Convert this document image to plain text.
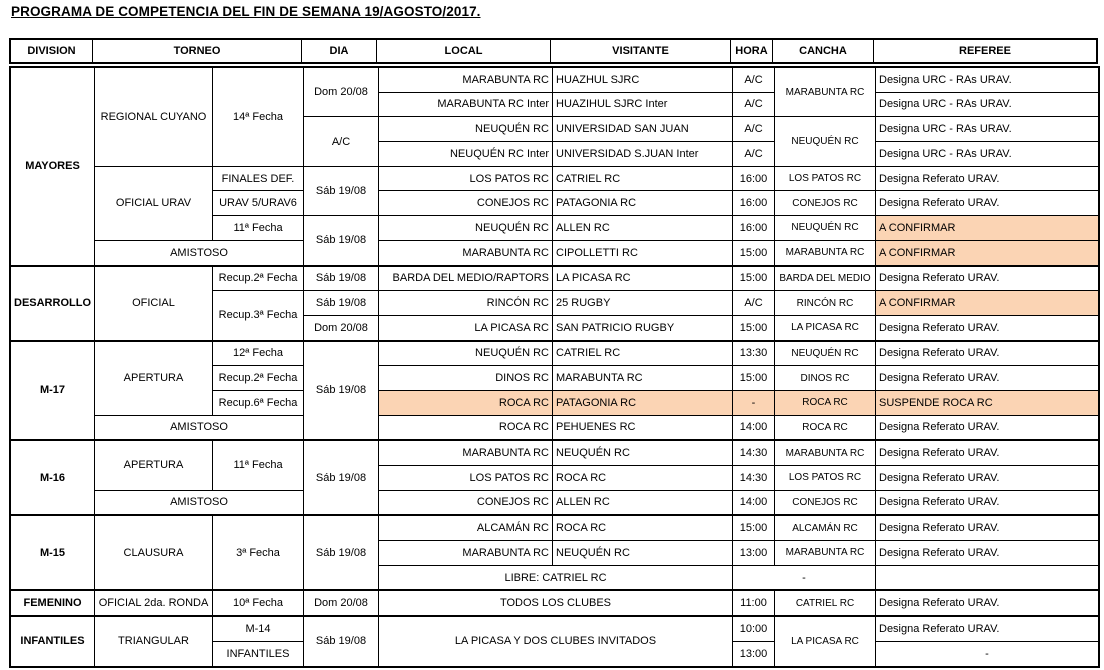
PROGRAMA DE COMPETENCIA DEL FIN DE SEMANA 19/AGOSTO/2017.
DIVISION	TORNEO	DIA	LOCAL	VISITANTE	HORA	CANCHA	REFEREE
MAYORES	REGIONAL CUYANO	14ª Fecha	Dom 20/08	MARABUNTA RC	HUAZHUL SJRC	A/C	MARABUNTA RC	Designa URC - RAs URAV.
				MARABUNTA RC Inter	HUAZIHUL SJRC Inter	A/C		Designa URC - RAs URAV.
			A/C	NEUQUÉN RC	UNIVERSIDAD SAN JUAN	A/C	NEUQUÉN RC	Designa URC - RAs URAV.
				NEUQUÉN RC Inter	UNIVERSIDAD S.JUAN Inter	A/C		Designa URC - RAs URAV.
	OFICIAL URAV	FINALES DEF.	Sáb 19/08	LOS PATOS RC	CATRIEL RC	16:00	LOS PATOS RC	Designa Referato URAV.
		URAV 5/URAV6		CONEJOS RC	PATAGONIA RC	16:00	CONEJOS RC	Designa Referato URAV.
		11ª Fecha	Sáb 19/08	NEUQUÉN RC	ALLEN RC	16:00	NEUQUÉN RC	A CONFIRMAR
	AMISTOSO			MARABUNTA RC	CIPOLLETTI RC	15:00	MARABUNTA RC	A CONFIRMAR
DESARROLLO	OFICIAL	Recup.2ª Fecha	Sáb 19/08	BARDA DEL MEDIO/RAPTORS	LA PICASA RC	15:00	BARDA DEL MEDIO	Designa Referato URAV.
		Recup.3ª Fecha	Sáb 19/08	RINCÓN RC	25 RUGBY	A/C	RINCÓN RC	A CONFIRMAR
			Dom 20/08	LA PICASA RC	SAN PATRICIO RUGBY	15:00	LA PICASA RC	Designa Referato URAV.
M-17	APERTURA	12ª Fecha	Sáb 19/08	NEUQUÉN RC	CATRIEL RC	13:30	NEUQUÉN RC	Designa Referato URAV.
		Recup.2ª Fecha		DINOS RC	MARABUNTA RC	15:00	DINOS RC	Designa Referato URAV.
		Recup.6ª Fecha		ROCA RC	PATAGONIA RC	-	ROCA RC	SUSPENDE ROCA RC
	AMISTOSO			ROCA RC	PEHUENES RC	14:00	ROCA RC	Designa Referato URAV.
M-16	APERTURA	11ª Fecha	Sáb 19/08	MARABUNTA RC	NEUQUÉN RC	14:30	MARABUNTA RC	Designa Referato URAV.
				LOS PATOS RC	ROCA RC	14:30	LOS PATOS RC	Designa Referato URAV.
	AMISTOSO			CONEJOS RC	ALLEN RC	14:00	CONEJOS RC	Designa Referato URAV.
M-15	CLAUSURA	3ª Fecha	Sáb 19/08	ALCAMÁN RC	ROCA RC	15:00	ALCAMÁN RC	Designa Referato URAV.
				MARABUNTA RC	NEUQUÉN RC	13:00	MARABUNTA RC	Designa Referato URAV.
				LIBRE: CATRIEL RC		-		
FEMENINO	OFICIAL 2da. RONDA	10ª Fecha	Dom 20/08	TODOS LOS CLUBES		11:00	CATRIEL RC	Designa Referato URAV.
INFANTILES	TRIANGULAR	M-14	Sáb 19/08	LA PICASA Y DOS CLUBES INVITADOS		10:00	LA PICASA RC	Designa Referato URAV.
		INFANTILES				13:00		-
